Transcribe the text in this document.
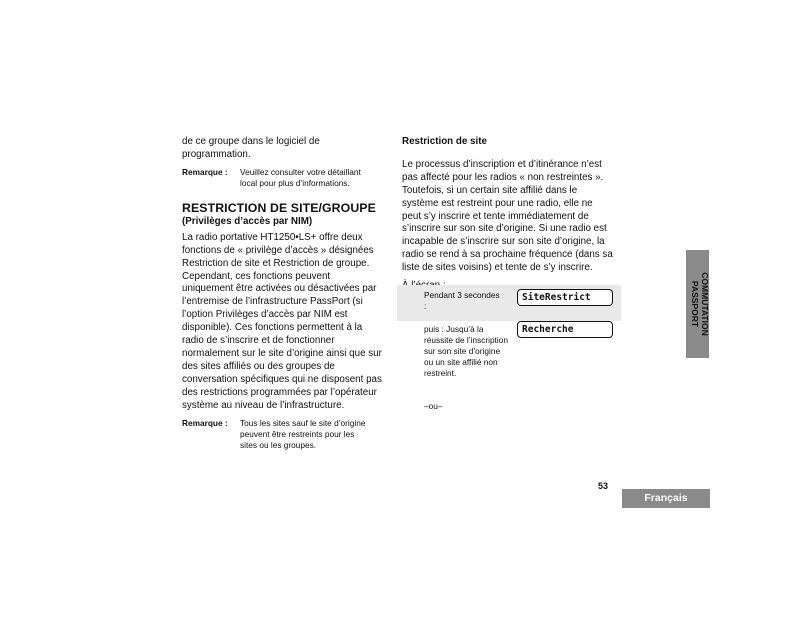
de ce groupe dans le logiciel de programmation.

Remarque :	Veuillez consulter votre détaillant local pour plus d’informations.
RESTRICTION DE SITE/GROUPE
(Privilèges d’accès par NIM)

La radio portative HT1250•LS+ offre deux fonctions de « privilège d’accès » désignées Restriction de site et Restriction de groupe. Cependant, ces fonctions peuvent uniquement être activées ou désactivées par l’entremise de l’infrastructure PassPort (si l’option Privilèges d’accès par NIM est disponible). Ces fonctions permettent à la radio de s’inscrire et de fonctionner normalement sur le site d’origine ainsi que sur des sites affiliés ou des groupes de conversation spécifiques qui ne disposent pas des restrictions programmées par l’opérateur système au niveau de l’infrastructure.

Remarque :	Tous les sites sauf le site d’origine peuvent être restreints pour les sites ou les groupes.
Restriction de site

Le processus d’inscription et d’itinérance n’est pas affecté pour les radios « non restreintes ». Toutefois, si un certain site affilié dans le système est restreint pour une radio, elle ne peut s’y inscrire et tente immédiatement de s’inscrire sur son site d’origine. Si une radio est incapable de s’inscrire sur son site d’origine, la radio se rend à sa prochaine fréquence (dans sa liste de sites voisins) et tente de s’y inscrire.

Pendant 3 secondes :
SiteRestrict
puis : Jusqu’à la réussite de l’inscription sur son site d’origine ou un site affilié non restreint.
Recherche
–ou–
COMMUTATION
PASSPORT
53
Français
